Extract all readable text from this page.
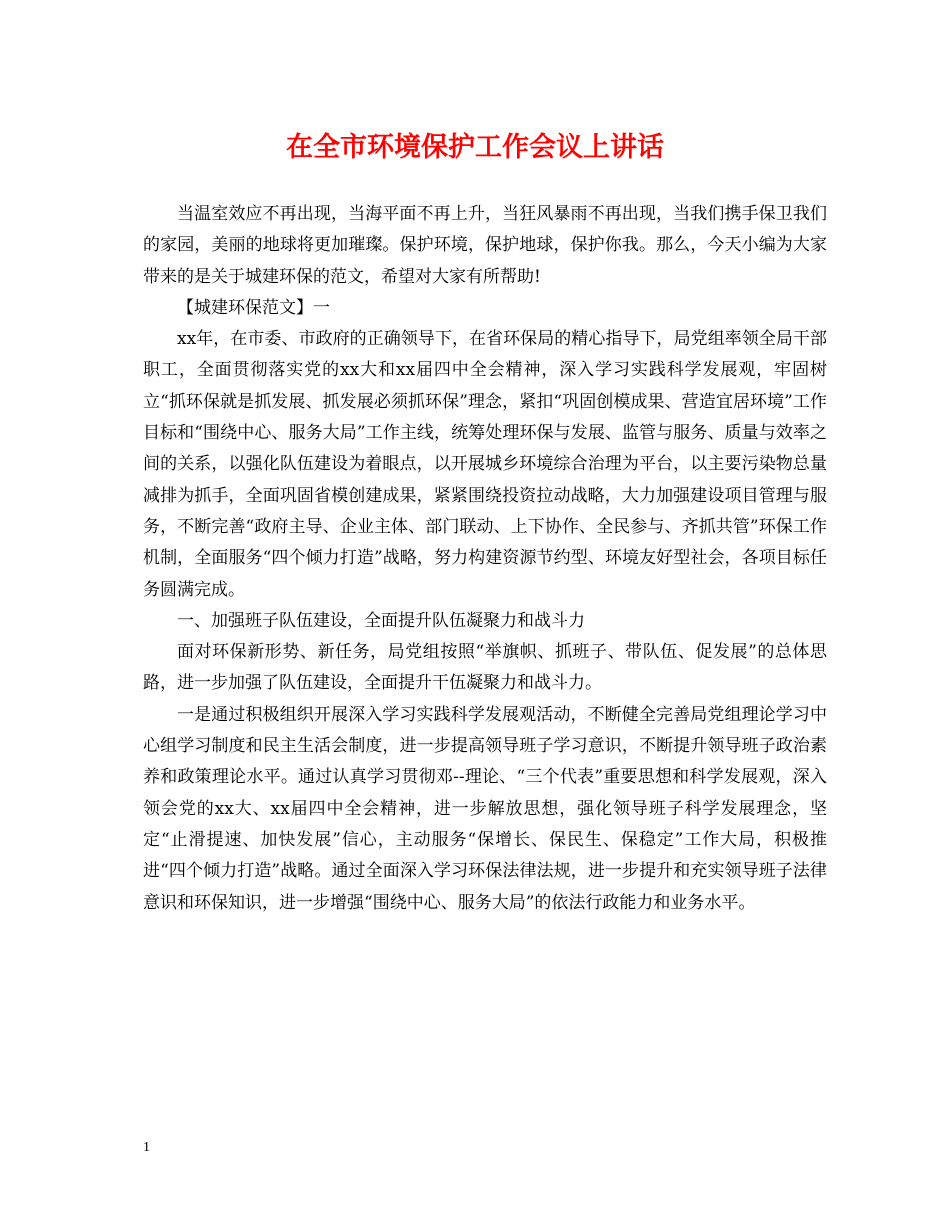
在全市环境保护工作会议上讲话

当温室效应不再出现，当海平面不再上升，当狂风暴雨不再出现，当我们携手保卫我们的家园，美丽的地球将更加璀璨。保护环境，保护地球，保护你我。那么，今天小编为大家带来的是关于城建环保的范文，希望对大家有所帮助!

【城建环保范文】一

xx年，在市委、市政府的正确领导下，在省环保局的精心指导下，局党组率领全局干部职工，全面贯彻落实党的xx大和xx届四中全会精神，深入学习实践科学发展观，牢固树立“抓环保就是抓发展、抓发展必须抓环保”理念，紧扣“巩固创模成果、营造宜居环境”工作目标和“围绕中心、服务大局”工作主线，统筹处理环保与发展、监管与服务、质量与效率之间的关系，以强化队伍建设为着眼点，以开展城乡环境综合治理为平台，以主要污染物总量减排为抓手，全面巩固省模创建成果，紧紧围绕投资拉动战略，大力加强建设项目管理与服务，不断完善“政府主导、企业主体、部门联动、上下协作、全民参与、齐抓共管”环保工作机制，全面服务“四个倾力打造”战略，努力构建资源节约型、环境友好型社会，各项目标任务圆满完成。

一、加强班子队伍建设，全面提升队伍凝聚力和战斗力

面对环保新形势、新任务，局党组按照“举旗帜、抓班子、带队伍、促发展”的总体思路，进一步加强了队伍建设，全面提升干伍凝聚力和战斗力。

一是通过积极组织开展深入学习实践科学发展观活动，不断健全完善局党组理论学习中心组学习制度和民主生活会制度，进一步提高领导班子学习意识，不断提升领导班子政治素养和政策理论水平。通过认真学习贯彻邓--理论、“三个代表”重要思想和科学发展观，深入领会党的xx大、xx届四中全会精神，进一步解放思想，强化领导班子科学发展理念，坚定“止滑提速、加快发展”信心，主动服务“保增长、保民生、保稳定”工作大局，积极推进“四个倾力打造”战略。通过全面深入学习环保法律法规，进一步提升和充实领导班子法律意识和环保知识，进一步增强“围绕中心、服务大局”的依法行政能力和业务水平。

1
